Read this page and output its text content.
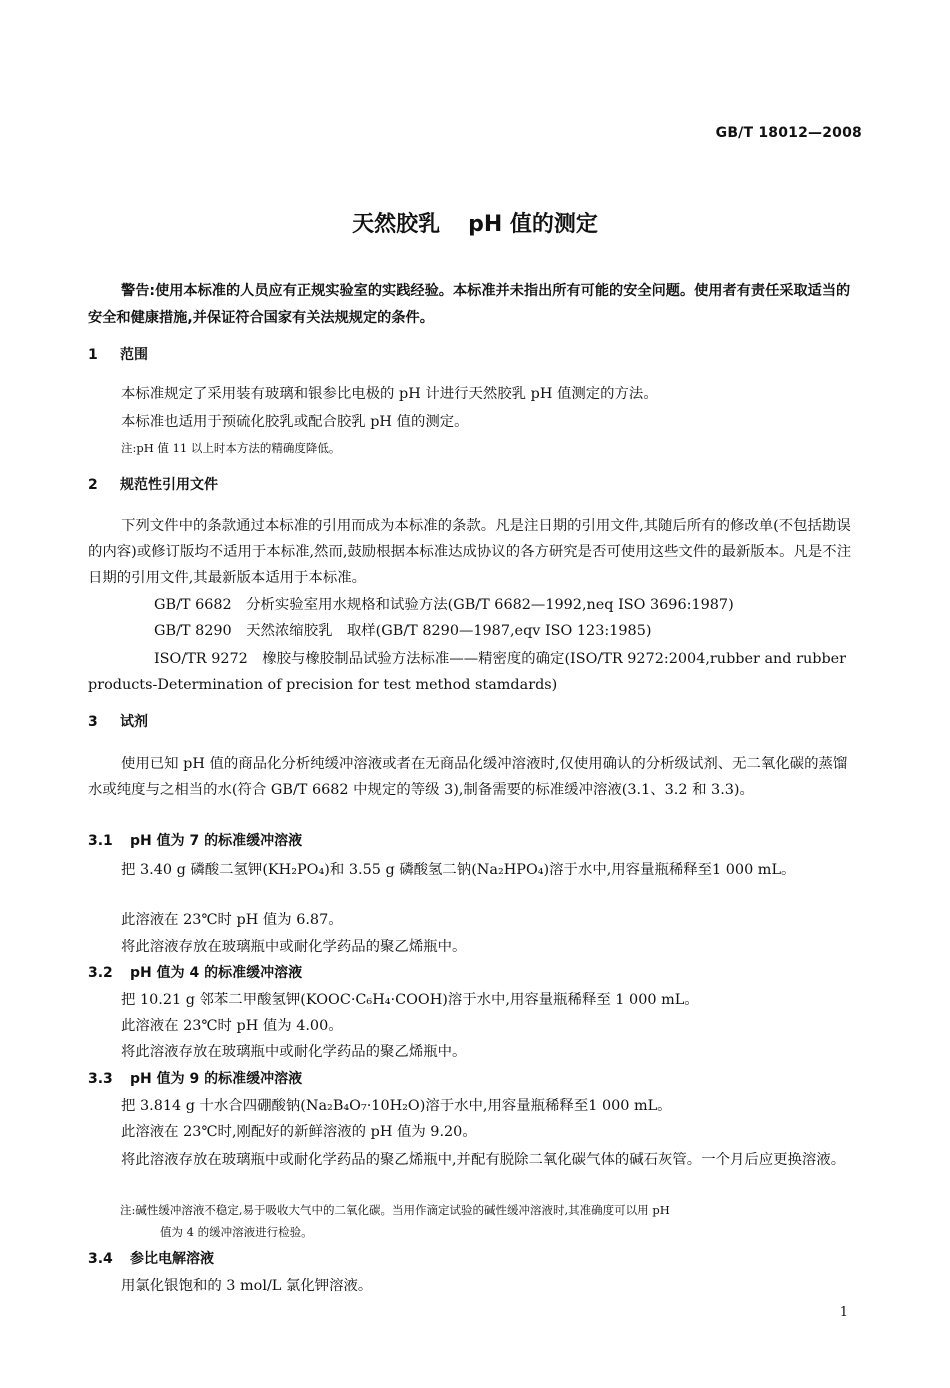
GB/T 18012—2008
天然胶乳 pH 值的测定
警告:使用本标准的人员应有正规实验室的实践经验。本标准并未指出所有可能的安全问题。使用者有责任采取适当的安全和健康措施,并保证符合国家有关法规规定的条件。
1 范围
本标准规定了采用装有玻璃和银参比电极的 pH 计进行天然胶乳 pH 值测定的方法。
本标准也适用于预硫化胶乳或配合胶乳 pH 值的测定。
注:pH 值 11 以上时本方法的精确度降低。
2 规范性引用文件
下列文件中的条款通过本标准的引用而成为本标准的条款。凡是注日期的引用文件,其随后所有的修改单(不包括勘误的内容)或修订版均不适用于本标准,然而,鼓励根据本标准达成协议的各方研究是否可使用这些文件的最新版本。凡是不注日期的引用文件,其最新版本适用于本标准。
GB/T 6682　 分析实验室用水规格和试验方法(GB/T 6682—1992,neq ISO 3696:1987)
GB/T 8290　 天然浓缩胶乳　取样(GB/T 8290—1987,eqv ISO 123:1985)
ISO/TR 9272　 橡胶与橡胶制品试验方法标准——精密度的确定(ISO/TR 9272:2004,rubber and rubber products-Determination of precision for test method stamdards)
3 试剂
使用已知 pH 值的商品化分析纯缓冲溶液或者在无商品化缓冲溶液时,仅使用确认的分析级试剂、无二氧化碳的蒸馏水或纯度与之相当的水(符合 GB/T 6682 中规定的等级 3),制备需要的标准缓冲溶液(3.1、3.2 和 3.3)。
3.1 pH 值为 7 的标准缓冲溶液
把 3.40 g 磷酸二氢钾(KH₂PO₄)和 3.55 g 磷酸氢二钠(Na₂HPO₄)溶于水中,用容量瓶稀释至1 000 mL。
此溶液在 23℃时 pH 值为 6.87。
将此溶液存放在玻璃瓶中或耐化学药品的聚乙烯瓶中。
3.2 pH 值为 4 的标准缓冲溶液
把 10.21 g 邻苯二甲酸氢钾(KOOC·C₆H₄·COOH)溶于水中,用容量瓶稀释至 1 000 mL。
此溶液在 23℃时 pH 值为 4.00。
将此溶液存放在玻璃瓶中或耐化学药品的聚乙烯瓶中。
3.3 pH 值为 9 的标准缓冲溶液
把 3.814 g 十水合四硼酸钠(Na₂B₄O₇·10H₂O)溶于水中,用容量瓶稀释至1 000 mL。
此溶液在 23℃时,刚配好的新鲜溶液的 pH 值为 9.20。
将此溶液存放在玻璃瓶中或耐化学药品的聚乙烯瓶中,并配有脱除二氧化碳气体的碱石灰管。一个月后应更换溶液。
注:碱性缓冲溶液不稳定,易于吸收大气中的二氧化碳。当用作滴定试验的碱性缓冲溶液时,其准确度可以用 pH
值为 4 的缓冲溶液进行检验。
3.4 参比电解溶液
用氯化银饱和的 3 mol/L 氯化钾溶液。
1
